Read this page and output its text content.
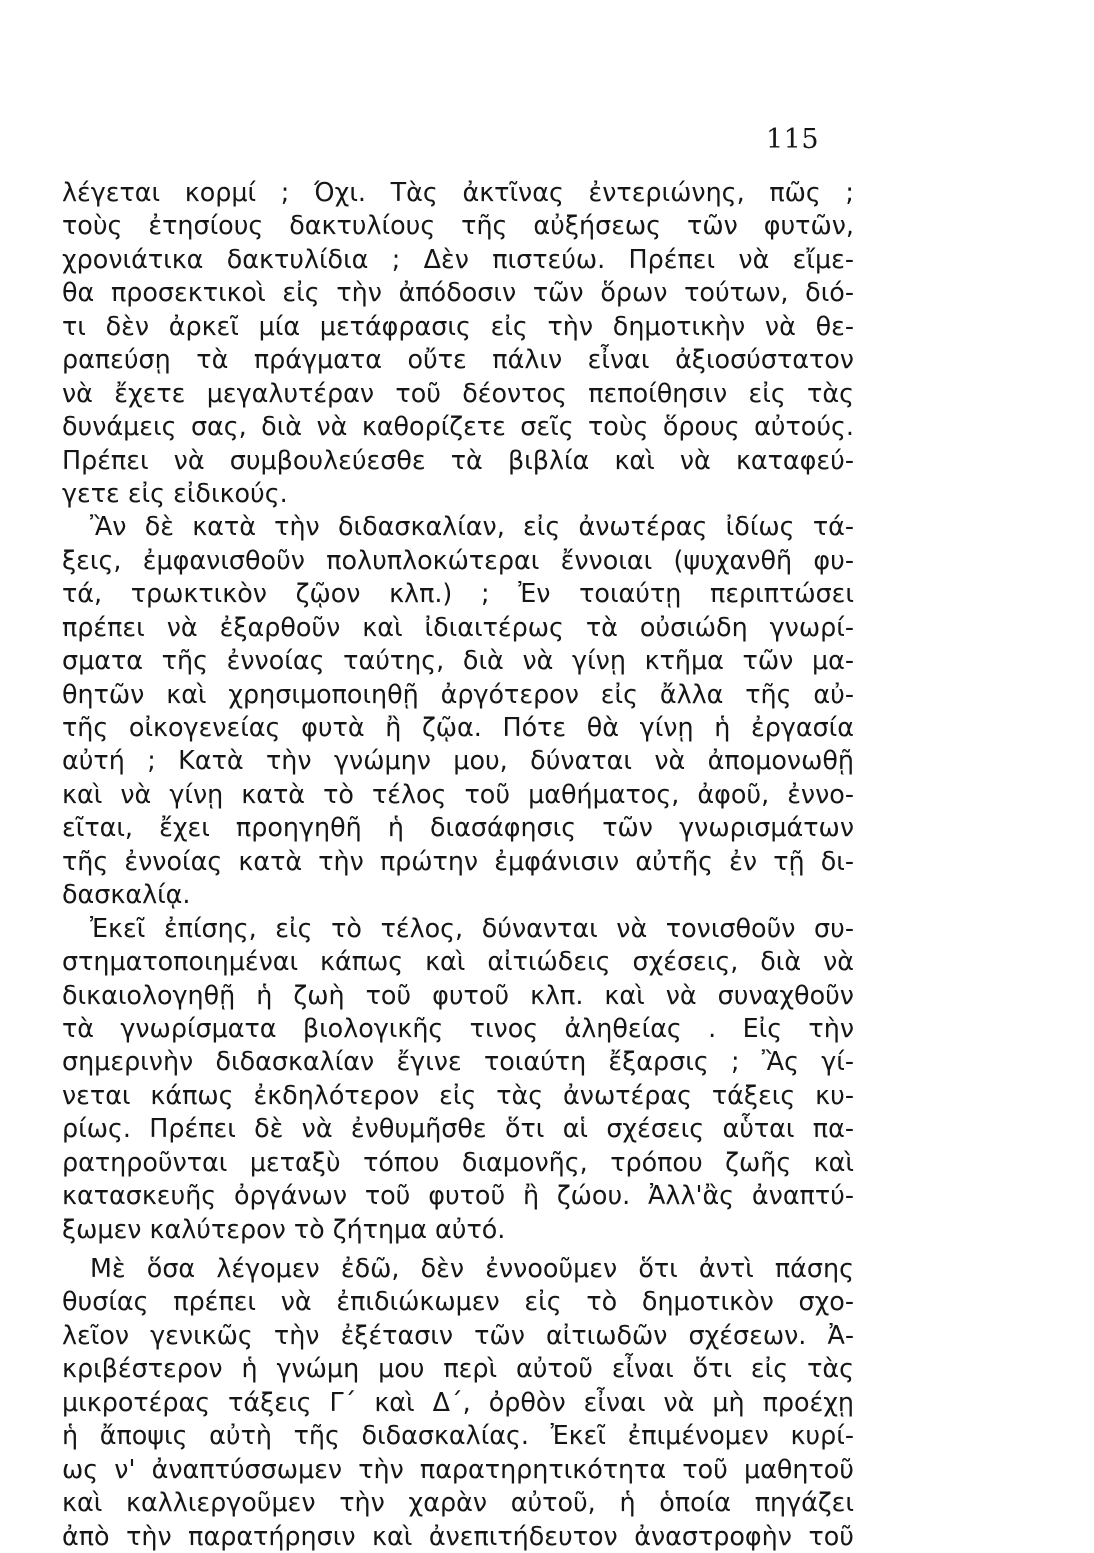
115
λέγεται κορμί ; Όχι. Τὰς ἀκτῖνας ἐντεριώνης, πῶς ;
τοὺς ἐτησίους δακτυλίους τῆς αὐξήσεως τῶν φυτῶν,
χρονιάτικα δακτυλίδια ; Δὲν πιστεύω. Πρέπει νὰ εἴμε-
θα προσεκτικοὶ εἰς τὴν ἀπόδοσιν τῶν ὅρων τούτων, διό-
τι δὲν ἀρκεῖ μία μετάφρασις εἰς τὴν δημοτικὴν νὰ θε-
ραπεύσῃ τὰ πράγματα οὔτε πάλιν εἶναι ἀξιοσύστατον
νὰ ἔχετε μεγαλυτέραν τοῦ δέοντος πεποίθησιν εἰς τὰς
δυνάμεις σας, διὰ νὰ καθορίζετε σεῖς τοὺς ὅρους αὐτούς.
Πρέπει νὰ συμβουλεύεσθε τὰ βιβλία καὶ νὰ καταφεύ-
γετε εἰς εἰδικούς.
Ἂν δὲ κατὰ τὴν διδασκαλίαν, εἰς ἀνωτέρας ἰδίως τά-
ξεις, ἐμφανισθοῦν πολυπλοκώτεραι ἔννοιαι (ψυχανθῆ φυ-
τά, τρωκτικὸν ζῷον κλπ.) ; Ἐν τοιαύτῃ περιπτώσει
πρέπει νὰ ἐξαρθοῦν καὶ ἰδιαιτέρως τὰ οὐσιώδη γνωρί-
σματα τῆς ἐννοίας ταύτης, διὰ νὰ γίνῃ κτῆμα τῶν μα-
θητῶν καὶ χρησιμοποιηθῇ ἀργότερον εἰς ἄλλα τῆς αὐ-
τῆς οἰκογενείας φυτὰ ἢ ζῷα. Πότε θὰ γίνῃ ἡ ἐργασία
αὐτή ; Κατὰ τὴν γνώμην μου, δύναται νὰ ἀπομονωθῇ
καὶ νὰ γίνῃ κατὰ τὸ τέλος τοῦ μαθήματος, ἀφοῦ, ἐννο-
εῖται, ἔχει προηγηθῆ ἡ διασάφησις τῶν γνωρισμάτων
τῆς ἐννοίας κατὰ τὴν πρώτην ἐμφάνισιν αὐτῆς ἐν τῇ δι-
δασκαλίᾳ.
Ἐκεῖ ἐπίσης, εἰς τὸ τέλος, δύνανται νὰ τονισθοῦν συ-
στηματοποιημέναι κάπως καὶ αἰτιώδεις σχέσεις, διὰ νὰ
δικαιολογηθῇ ἡ ζωὴ τοῦ φυτοῦ κλπ. καὶ νὰ συναχθοῦν
τὰ γνωρίσματα βιολογικῆς τινος ἀληθείας . Εἰς τὴν
σημερινὴν διδασκαλίαν ἔγινε τοιαύτη ἔξαρσις ; Ἂς γί-
νεται κάπως ἐκδηλότερον εἰς τὰς ἀνωτέρας τάξεις κυ-
ρίως. Πρέπει δὲ νὰ ἐνθυμῆσθε ὅτι αἱ σχέσεις αὗται πα-
ρατηροῦνται μεταξὺ τόπου διαμονῆς, τρόπου ζωῆς καὶ
κατασκευῆς ὀργάνων τοῦ φυτοῦ ἢ ζώου. Ἀλλ'ἂς ἀναπτύ-
ξωμεν καλύτερον τὸ ζήτημα αὐτό.
Μὲ ὅσα λέγομεν ἐδῶ, δὲν ἐννοοῦμεν ὅτι ἀντὶ πάσης
θυσίας πρέπει νὰ ἐπιδιώκωμεν εἰς τὸ δημοτικὸν σχο-
λεῖον γενικῶς τὴν ἐξέτασιν τῶν αἰτιωδῶν σχέσεων. Ἀ-
κριβέστερον ἡ γνώμη μου περὶ αὐτοῦ εἶναι ὅτι εἰς τὰς
μικροτέρας τάξεις Γ΄ καὶ Δ΄, ὀρθὸν εἶναι νὰ μὴ προέχῃ
ἡ ἄποψις αὐτὴ τῆς διδασκαλίας. Ἐκεῖ ἐπιμένομεν κυρί-
ως ν' ἀναπτύσσωμεν τὴν παρατηρητικότητα τοῦ μαθητοῦ
καὶ καλλιεργοῦμεν τὴν χαρὰν αὐτοῦ, ἡ ὁποία πηγάζει
ἀπὸ τὴν παρατήρησιν καὶ ἀνεπιτήδευτον ἀναστροφὴν τοῦ
